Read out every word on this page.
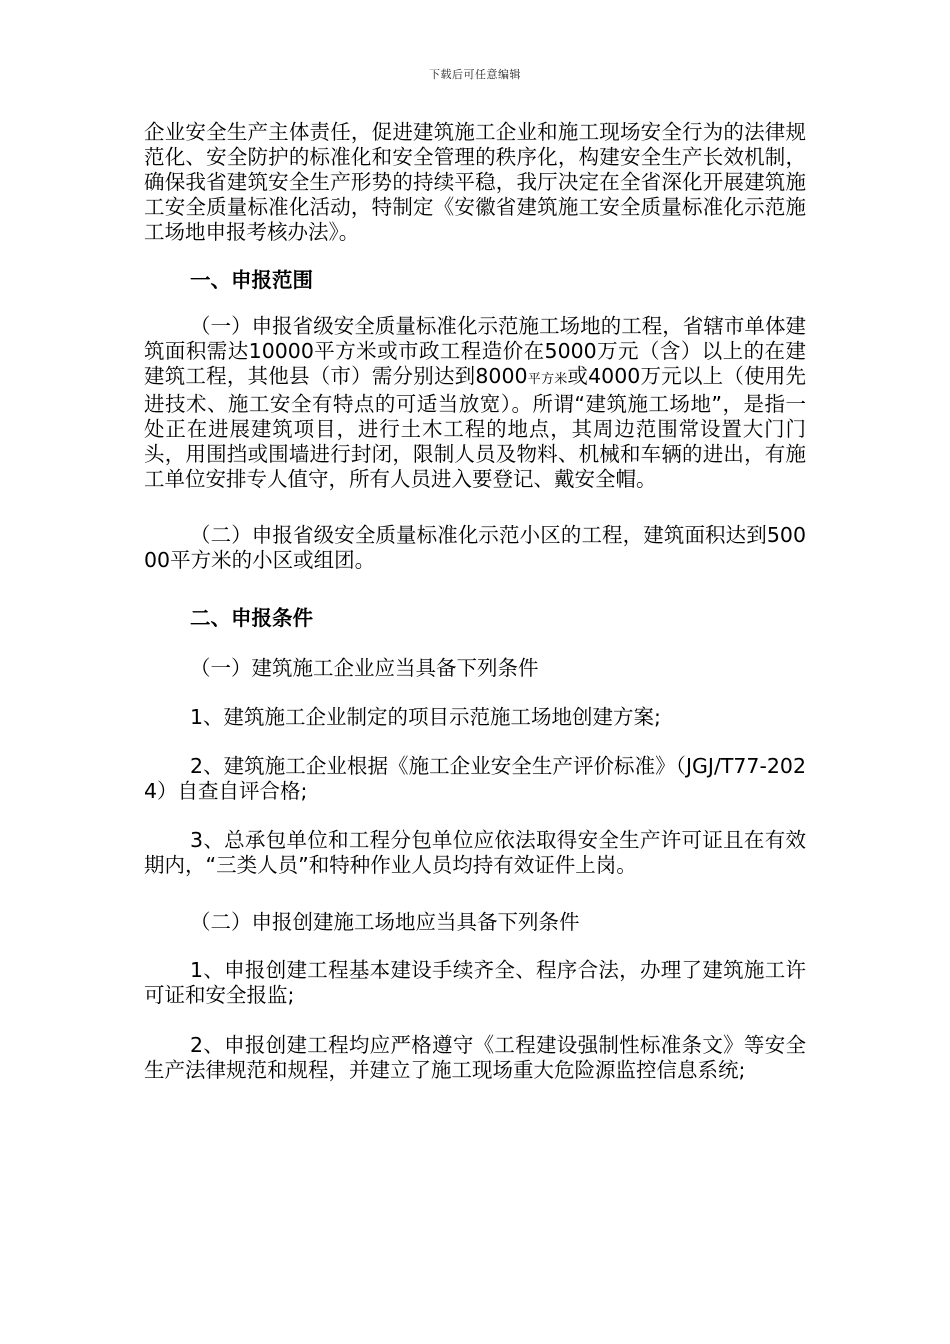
下载后可任意编辑

企业安全生产主体责任，促进建筑施工企业和施工现场安全行为的法律规范化、安全防护的标准化和安全管理的秩序化，构建安全生产长效机制，确保我省建筑安全生产形势的持续平稳，我厅决定在全省深化开展建筑施工安全质量标准化活动，特制定《安徽省建筑施工安全质量标准化示范施工场地申报考核办法》。

一、申报范围

（一）申报省级安全质量标准化示范施工场地的工程，省辖市单体建筑面积需达10000平方米或市政工程造价在5000万元（含）以上的在建建筑工程，其他县（市）需分别达到8000平方米或4000万元以上（使用先进技术、施工安全有特点的可适当放宽）。所谓“建筑施工场地”，是指一处正在进展建筑项目，进行土木工程的地点，其周边范围常设置大门门头，用围挡或围墙进行封闭，限制人员及物料、机械和车辆的进出，有施工单位安排专人值守，所有人员进入要登记、戴安全帽。

（二）申报省级安全质量标准化示范小区的工程，建筑面积达到50000平方米的小区或组团。

二、申报条件

（一）建筑施工企业应当具备下列条件

1、建筑施工企业制定的项目示范施工场地创建方案;

2、建筑施工企业根据《施工企业安全生产评价标准》（JGJ/T77-2024）自查自评合格;

3、总承包单位和工程分包单位应依法取得安全生产许可证且在有效期内，“三类人员”和特种作业人员均持有效证件上岗。

（二）申报创建施工场地应当具备下列条件

1、申报创建工程基本建设手续齐全、程序合法，办理了建筑施工许可证和安全报监;

2、申报创建工程均应严格遵守《工程建设强制性标准条文》等安全生产法律规范和规程，并建立了施工现场重大危险源监控信息系统;
